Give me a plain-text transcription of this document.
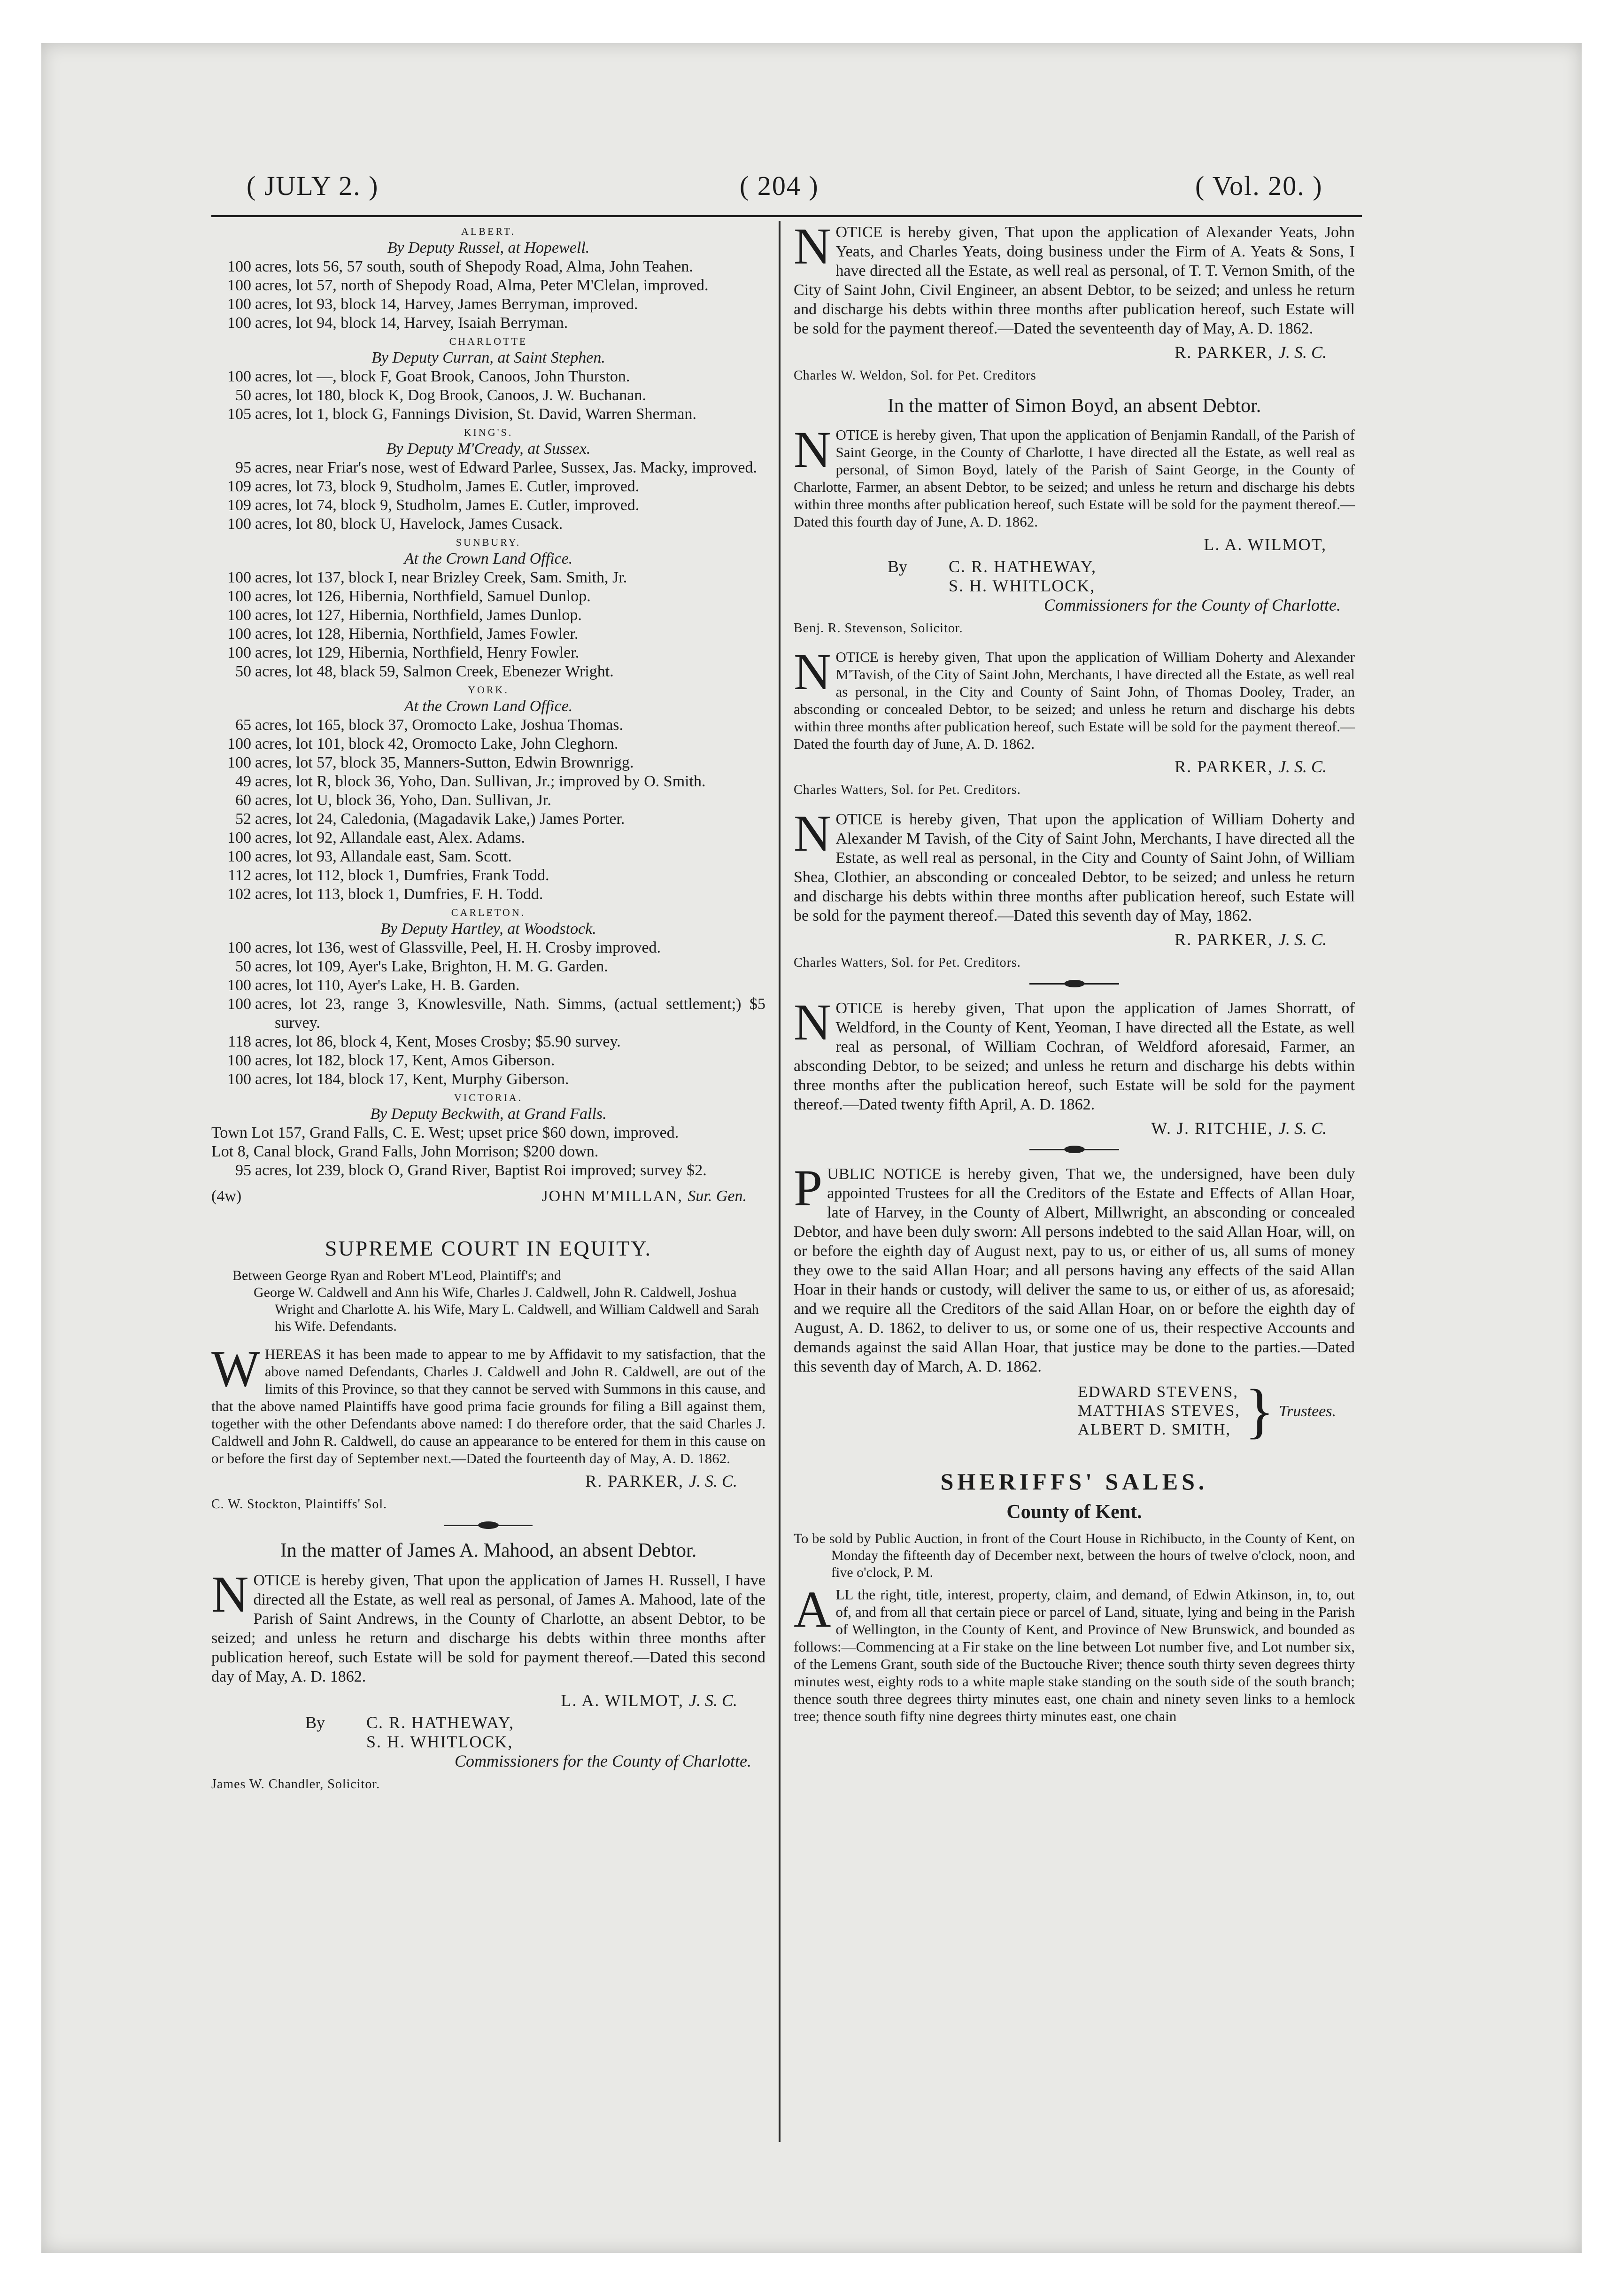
( JULY 2. )	( 204 )	( Vol. 20. )
ALBERT.
By Deputy Russel, at Hopewell.
100 acres, lots 56, 57 south, south of Shepody Road, Alma, John Teahen.
100 acres, lot 57, north of Shepody Road, Alma, Peter M'Clelan, improved.
100 acres, lot 93, block 14, Harvey, James Berryman, improved.
100 acres, lot 94, block 14, Harvey, Isaiah Berryman.
CHARLOTTE
By Deputy Curran, at Saint Stephen.
100 acres, lot —, block F, Goat Brook, Canoos, John Thurston.
50 acres, lot 180, block K, Dog Brook, Canoos, J. W. Buchanan.
105 acres, lot 1, block G, Fannings Division, St. David, Warren Sherman.
KING'S.
By Deputy M'Cready, at Sussex.
95 acres, near Friar's nose, west of Edward Parlee, Sussex, Jas. Macky, improved.
109 acres, lot 73, block 9, Studholm, James E. Cutler, improved.
109 acres, lot 74, block 9, Studholm, James E. Cutler, improved.
100 acres, lot 80, block U, Havelock, James Cusack.
SUNBURY.
At the Crown Land Office.
100 acres, lot 137, block I, near Brizley Creek, Sam. Smith, Jr.
100 acres, lot 126, Hibernia, Northfield, Samuel Dunlop.
100 acres, lot 127, Hibernia, Northfield, James Dunlop.
100 acres, lot 128, Hibernia, Northfield, James Fowler.
100 acres, lot 129, Hibernia, Northfield, Henry Fowler.
50 acres, lot 48, black 59, Salmon Creek, Ebenezer Wright.
YORK.
At the Crown Land Office.
65 acres, lot 165, block 37, Oromocto Lake, Joshua Thomas.
100 acres, lot 101, block 42, Oromocto Lake, John Cleghorn.
100 acres, lot 57, block 35, Manners-Sutton, Edwin Brownrigg.
49 acres, lot R, block 36, Yoho, Dan. Sullivan, Jr.; improved by O. Smith.
60 acres, lot U, block 36, Yoho, Dan. Sullivan, Jr.
52 acres, lot 24, Caledonia, (Magadavik Lake,) James Porter.
100 acres, lot 92, Allandale east, Alex. Adams.
100 acres, lot 93, Allandale east, Sam. Scott.
112 acres, lot 112, block 1, Dumfries, Frank Todd.
102 acres, lot 113, block 1, Dumfries, F. H. Todd.
CARLETON.
By Deputy Hartley, at Woodstock.
100 acres, lot 136, west of Glassville, Peel, H. H. Crosby improved.
50 acres, lot 109, Ayer's Lake, Brighton, H. M. G. Garden.
100 acres, lot 110, Ayer's Lake, H. B. Garden.
100 acres, lot 23, range 3, Knowlesville, Nath. Simms, (actual settlement;) $5 survey.
118 acres, lot 86, block 4, Kent, Moses Crosby; $5.90 survey.
100 acres, lot 182, block 17, Kent, Amos Giberson.
100 acres, lot 184, block 17, Kent, Murphy Giberson.
VICTORIA.
By Deputy Beckwith, at Grand Falls.
Town Lot 157, Grand Falls, C. E. West; upset price $60 down, improved.
Lot 8, Canal block, Grand Falls, John Morrison; $200 down.
95 acres, lot 239, block O, Grand River, Baptist Roi improved; survey $2.
(4w)	JOHN M'MILLAN, Sur. Gen.
SUPREME COURT IN EQUITY.
Between George Ryan and Robert M'Leod, Plaintiff's; and
George W. Caldwell and Ann his Wife, Charles J. Caldwell, John R. Caldwell, Joshua Wright and Charlotte A. his Wife, Mary L. Caldwell, and William Caldwell and Sarah his Wife. Defendants.
WHEREAS it has been made to appear to me by Affidavit to my satisfaction, that the above named Defendants, Charles J. Caldwell and John R. Caldwell, are out of the limits of this Province, so that they cannot be served with Summons in this cause, and that the above named Plaintiffs have good prima facie grounds for filing a Bill against them, together with the other Defendants above named: I do therefore order, that the said Charles J. Caldwell and John R. Caldwell, do cause an appearance to be entered for them in this cause on or before the first day of September next.—Dated the fourteenth day of May, A. D. 1862.
R. PARKER, J. S. C.
C. W. Stockton, Plaintiffs' Sol.
In the matter of James A. Mahood, an absent Debtor.
NOTICE is hereby given, That upon the application of James H. Russell, I have directed all the Estate, as well real as personal, of James A. Mahood, late of the Parish of Saint Andrews, in the County of Charlotte, an absent Debtor, to be seized; and unless he return and discharge his debts within three months after publication hereof, such Estate will be sold for payment thereof.—Dated this second day of May, A. D. 1862.
L. A. WILMOT, J. S. C.
By C. R. HATHEWAY,
S. H. WHITLOCK,
Commissioners for the County of Charlotte.
James W. Chandler, Solicitor.
NOTICE is hereby given, That upon the application of Alexander Yeats, John Yeats, and Charles Yeats, doing business under the Firm of A. Yeats & Sons, I have directed all the Estate, as well real as personal, of T. T. Vernon Smith, of the City of Saint John, Civil Engineer, an absent Debtor, to be seized; and unless he return and discharge his debts within three months after publication hereof, such Estate will be sold for the payment thereof.—Dated the seventeenth day of May, A. D. 1862.
R. PARKER, J. S. C.
Charles W. Weldon, Sol. for Pet. Creditors
In the matter of Simon Boyd, an absent Debtor.
NOTICE is hereby given, That upon the application of Benjamin Randall, of the Parish of Saint George, in the County of Charlotte, I have directed all the Estate, as well real as personal, of Simon Boyd, lately of the Parish of Saint George, in the County of Charlotte, Farmer, an absent Debtor, to be seized; and unless he return and discharge his debts within three months after publication hereof, such Estate will be sold for the payment thereof.—Dated this fourth day of June, A. D. 1862.
L. A. WILMOT,
By C. R. HATHEWAY,
S. H. WHITLOCK,
Commissioners for the County of Charlotte.
Benj. R. Stevenson, Solicitor.
NOTICE is hereby given, That upon the application of William Doherty and Alexander M'Tavish, of the City of Saint John, Merchants, I have directed all the Estate, as well real as personal, in the City and County of Saint John, of Thomas Dooley, Trader, an absconding or concealed Debtor, to be seized; and unless he return and discharge his debts within three months after publication hereof, such Estate will be sold for the payment thereof.—Dated the fourth day of June, A. D. 1862.
R. PARKER, J. S. C.
Charles Watters, Sol. for Pet. Creditors.
NOTICE is hereby given, That upon the application of William Doherty and Alexander M Tavish, of the City of Saint John, Merchants, I have directed all the Estate, as well real as personal, in the City and County of Saint John, of William Shea, Clothier, an absconding or concealed Debtor, to be seized; and unless he return and discharge his debts within three months after publication hereof, such Estate will be sold for the payment thereof.—Dated this seventh day of May, 1862.
R. PARKER, J. S. C.
Charles Watters, Sol. for Pet. Creditors.
NOTICE is hereby given, That upon the application of James Shorratt, of Weldford, in the County of Kent, Yeoman, I have directed all the Estate, as well real as personal, of William Cochran, of Weldford aforesaid, Farmer, an absconding Debtor, to be seized; and unless he return and discharge his debts within three months after the publication hereof, such Estate will be sold for the payment thereof.—Dated twenty fifth April, A. D. 1862.
W. J. RITCHIE, J. S. C.
PUBLIC NOTICE is hereby given, That we, the undersigned, have been duly appointed Trustees for all the Creditors of the Estate and Effects of Allan Hoar, late of Harvey, in the County of Albert, Millwright, an absconding or concealed Debtor, and have been duly sworn: All persons indebted to the said Allan Hoar, will, on or before the eighth day of August next, pay to us, or either of us, all sums of money they owe to the said Allan Hoar; and all persons having any effects of the said Allan Hoar in their hands or custody, will deliver the same to us, or either of us, as aforesaid; and we require all the Creditors of the said Allan Hoar, on or before the eighth day of August, A. D. 1862, to deliver to us, or some one of us, their respective Accounts and demands against the said Allan Hoar, that justice may be done to the parties.—Dated this seventh day of March, A. D. 1862.
EDWARD STEVENS,
MATTHIAS STEVES,
ALBERT D. SMITH, } Trustees.
SHERIFFS' SALES.
County of Kent.
To be sold by Public Auction, in front of the Court House in Richibucto, in the County of Kent, on Monday the fifteenth day of December next, between the hours of twelve o'clock, noon, and five o'clock, P. M.
ALL the right, title, interest, property, claim, and demand, of Edwin Atkinson, in, to, out of, and from all that certain piece or parcel of Land, situate, lying and being in the Parish of Wellington, in the County of Kent, and Province of New Brunswick, and bounded as follows:—Commencing at a Fir stake on the line between Lot number five, and Lot number six, of the Lemens Grant, south side of the Buctouche River; thence south thirty seven degrees thirty minutes west, eighty rods to a white maple stake standing on the south side of the south branch; thence south three degrees thirty minutes east, one chain and ninety seven links to a hemlock tree; thence south fifty nine degrees thirty minutes east, one chain
